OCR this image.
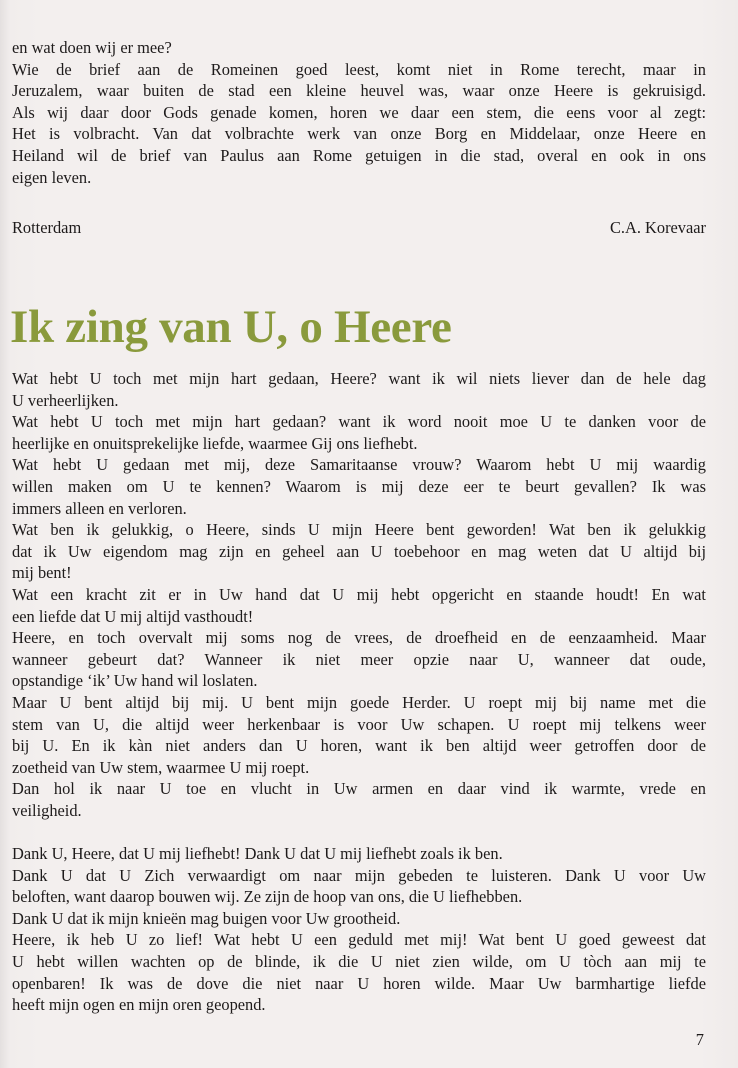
en wat doen wij er mee?
Wie de brief aan de Romeinen goed leest, komt niet in Rome terecht, maar in
Jeruzalem, waar buiten de stad een kleine heuvel was, waar onze Heere is gekruisigd.
Als wij daar door Gods genade komen, horen we daar een stem, die eens voor al zegt:
Het is volbracht. Van dat volbrachte werk van onze Borg en Middelaar, onze Heere en
Heiland wil de brief van Paulus aan Rome getuigen in die stad, overal en ook in ons
eigen leven.
Rotterdam	C.A. Korevaar
Ik zing van U, o Heere
Wat hebt U toch met mijn hart gedaan, Heere? want ik wil niets liever dan de hele dag
U verheerlijken.
Wat hebt U toch met mijn hart gedaan? want ik word nooit moe U te danken voor de
heerlijke en onuitsprekelijke liefde, waarmee Gij ons liefhebt.
Wat hebt U gedaan met mij, deze Samaritaanse vrouw? Waarom hebt U mij waardig
willen maken om U te kennen? Waarom is mij deze eer te beurt gevallen? Ik was
immers alleen en verloren.
Wat ben ik gelukkig, o Heere, sinds U mijn Heere bent geworden! Wat ben ik gelukkig
dat ik Uw eigendom mag zijn en geheel aan U toebehoor en mag weten dat U altijd bij
mij bent!
Wat een kracht zit er in Uw hand dat U mij hebt opgericht en staande houdt! En wat
een liefde dat U mij altijd vasthoudt!
Heere, en toch overvalt mij soms nog de vrees, de droefheid en de eenzaamheid. Maar
wanneer gebeurt dat? Wanneer ik niet meer opzie naar U, wanneer dat oude,
opstandige ‘ik’ Uw hand wil loslaten.
Maar U bent altijd bij mij. U bent mijn goede Herder. U roept mij bij name met die
stem van U, die altijd weer herkenbaar is voor Uw schapen. U roept mij telkens weer
bij U. En ik kàn niet anders dan U horen, want ik ben altijd weer getroffen door de
zoetheid van Uw stem, waarmee U mij roept.
Dan hol ik naar U toe en vlucht in Uw armen en daar vind ik warmte, vrede en
veiligheid.
Dank U, Heere, dat U mij liefhebt! Dank U dat U mij liefhebt zoals ik ben.
Dank U dat U Zich verwaardigt om naar mijn gebeden te luisteren. Dank U voor Uw
beloften, want daarop bouwen wij. Ze zijn de hoop van ons, die U liefhebben.
Dank U dat ik mijn knieën mag buigen voor Uw grootheid.
Heere, ik heb U zo lief! Wat hebt U een geduld met mij! Wat bent U goed geweest dat
U hebt willen wachten op de blinde, ik die U niet zien wilde, om U tòch aan mij te
openbaren! Ik was de dove die niet naar U horen wilde. Maar Uw barmhartige liefde
heeft mijn ogen en mijn oren geopend.
7
